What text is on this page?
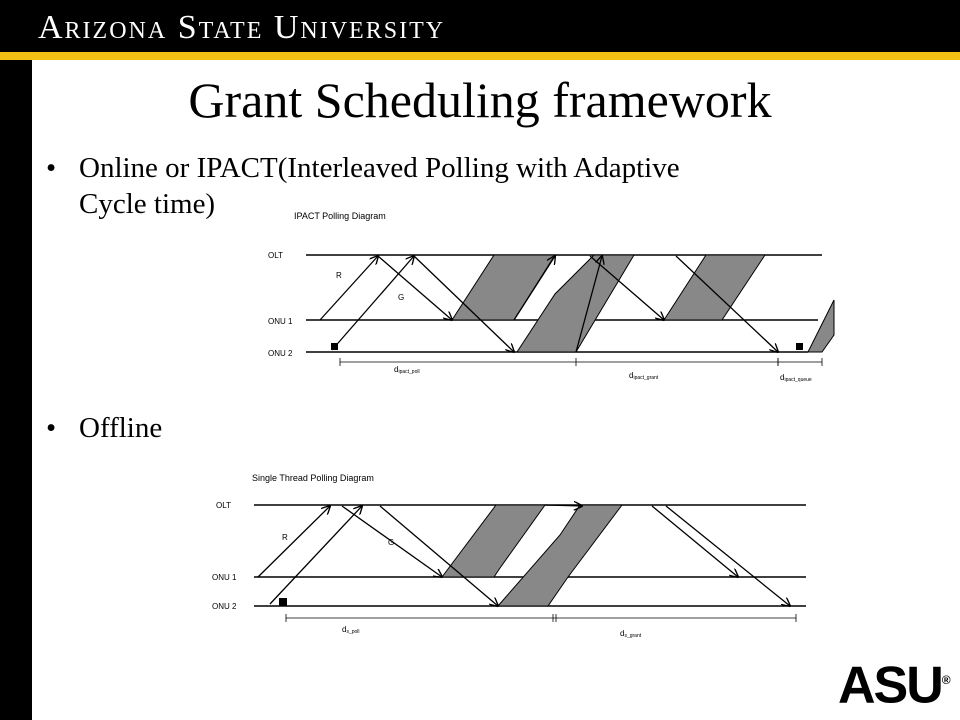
Arizona State University
Grant Scheduling framework
• Online or IPACT(Interleaved Polling with Adaptive
Cycle time)
• Offline
IPACT Polling Diagram
OLT
ONU 1
ONU 2
R
G
dipact_poll	dipact_grant	dipact_queue
Single Thread Polling Diagram
OLT
ONU 1
ONU 2
R
G
ds_poll	ds_grant
ASU®
